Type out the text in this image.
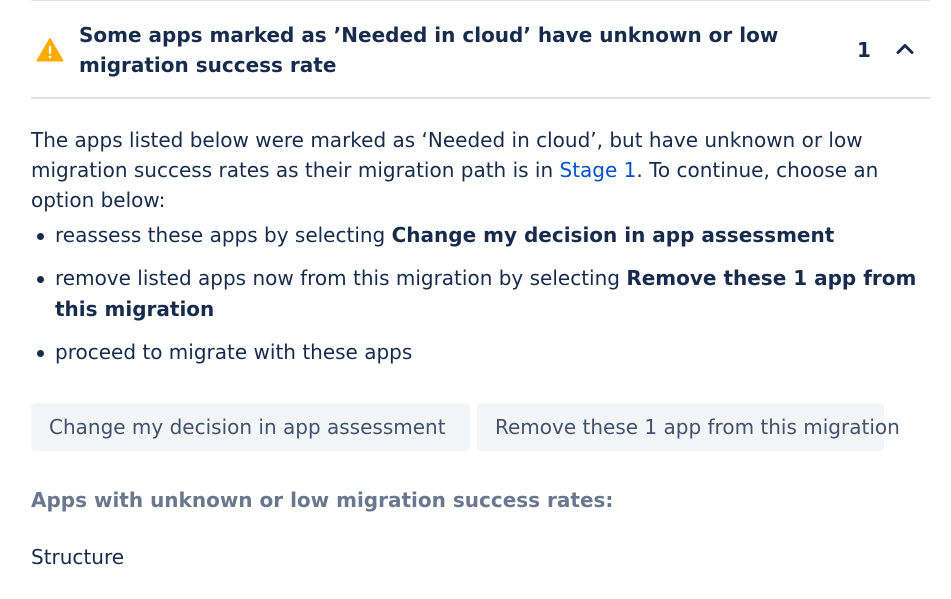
Some apps marked as ’Needed in cloud’ have unknown or low migration success rate
1

The apps listed below were marked as ‘Needed in cloud’, but have unknown or low migration success rates as their migration path is in Stage 1. To continue, choose an option below:

reassess these apps by selecting Change my decision in app assessment
remove listed apps now from this migration by selecting Remove these 1 app from this migration
proceed to migrate with these apps
Change my decision in app assessment Remove these 1 app from this migration
Apps with unknown or low migration success rates:
Structure
